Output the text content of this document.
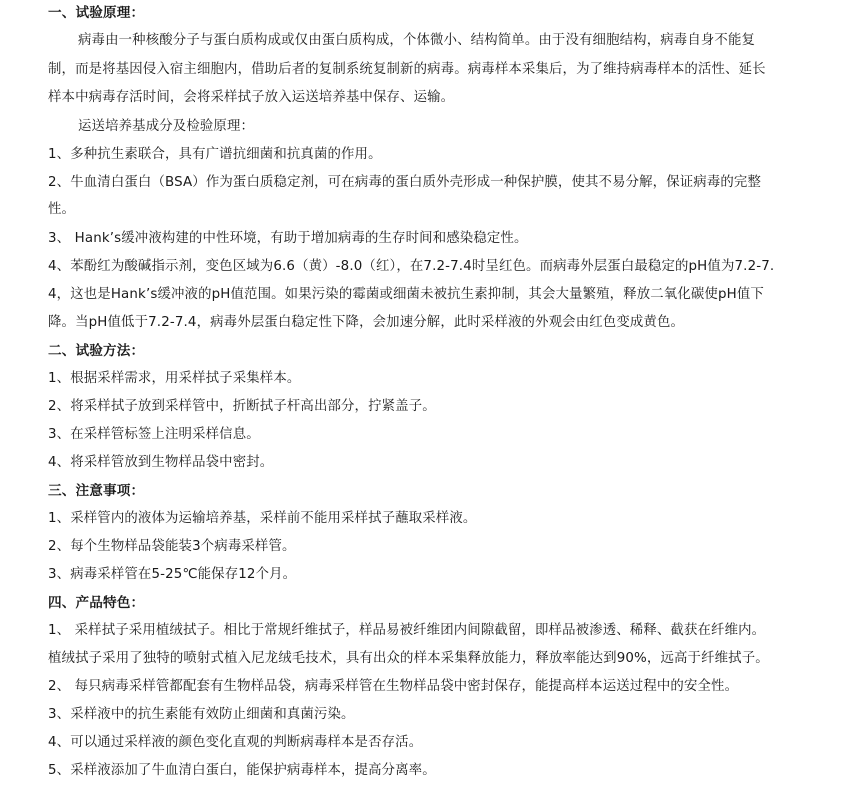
一、试验原理：
病毒由一种核酸分子与蛋白质构成或仅由蛋白质构成，个体微小、结构简单。由于没有细胞结构，病毒自身不能复
制，而是将基因侵入宿主细胞内，借助后者的复制系统复制新的病毒。病毒样本采集后，为了维持病毒样本的活性、延长
样本中病毒存活时间，会将采样拭子放入运送培养基中保存、运输。
运送培养基成分及检验原理：
1、多种抗生素联合，具有广谱抗细菌和抗真菌的作用。
2、牛血清白蛋白（BSA）作为蛋白质稳定剂，可在病毒的蛋白质外壳形成一种保护膜，使其不易分解，保证病毒的完整
性。
3、 Hank’s缓冲液构建的中性环境，有助于增加病毒的生存时间和感染稳定性。
4、苯酚红为酸碱指示剂，变色区域为6.6（黄）-8.0（红），在7.2-7.4时呈红色。而病毒外层蛋白最稳定的pH值为7.2-7.
4，这也是Hank’s缓冲液的pH值范围。如果污染的霉菌或细菌未被抗生素抑制，其会大量繁殖，释放二氧化碳使pH值下
降。当pH值低于7.2-7.4，病毒外层蛋白稳定性下降，会加速分解，此时采样液的外观会由红色变成黄色。
二、试验方法：
1、根据采样需求，用采样拭子采集样本。
2、将采样拭子放到采样管中，折断拭子杆高出部分，拧紧盖子。
3、在采样管标签上注明采样信息。
4、将采样管放到生物样品袋中密封。
三、注意事项：
1、采样管内的液体为运输培养基，采样前不能用采样拭子蘸取采样液。
2、每个生物样品袋能装3个病毒采样管。
3、病毒采样管在5-25℃能保存12个月。
四、产品特色：
1、 采样拭子采用植绒拭子。相比于常规纤维拭子，样品易被纤维团内间隙截留，即样品被渗透、稀释、截获在纤维内。
植绒拭子采用了独特的喷射式植入尼龙绒毛技术，具有出众的样本采集释放能力，释放率能达到90%，远高于纤维拭子。
2、 每只病毒采样管都配套有生物样品袋，病毒采样管在生物样品袋中密封保存，能提高样本运送过程中的安全性。
3、采样液中的抗生素能有效防止细菌和真菌污染。
4、可以通过采样液的颜色变化直观的判断病毒样本是否存活。
5、采样液添加了牛血清白蛋白，能保护病毒样本，提高分离率。
